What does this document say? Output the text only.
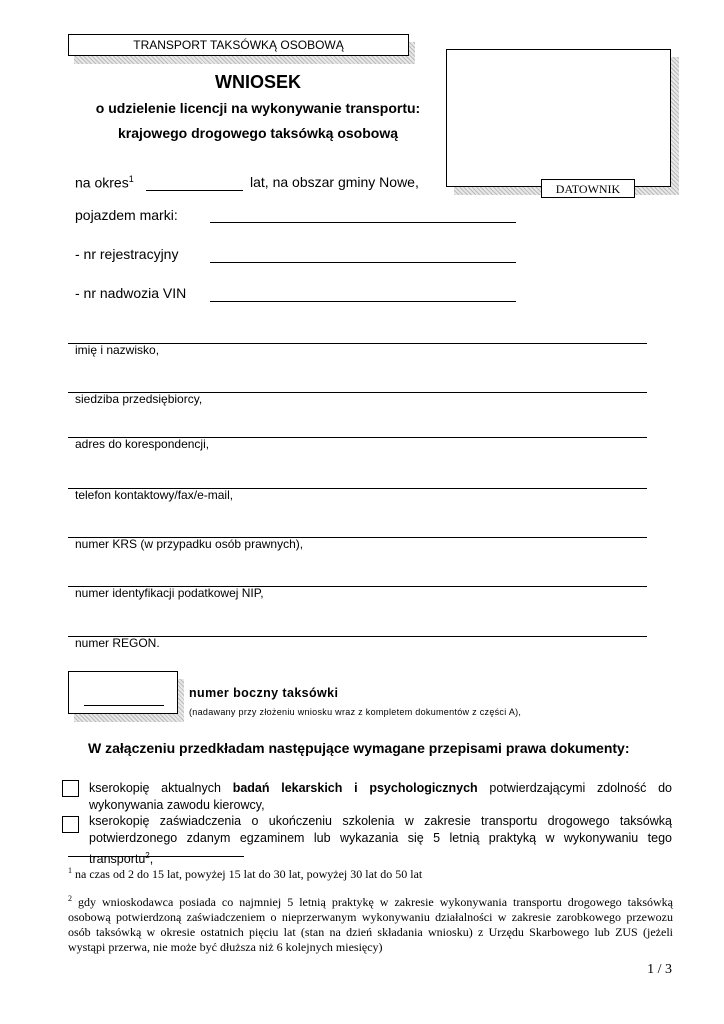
TRANSPORT TAKSÓWKĄ OSOBOWĄ
DATOWNIK
WNIOSEK
o udzielenie licencji na wykonywanie transportu:
krajowego drogowego taksówką osobową
na okres$^1$	lat, na obszar gminy Nowe,
pojazdem marki:
- nr rejestracyjny
- nr nadwozia VIN
imię i nazwisko,
siedziba przedsiębiorcy,
adres do korespondencji,
telefon kontaktowy/fax/e-mail,
numer KRS (w przypadku osób prawnych),
numer identyfikacji podatkowej NIP,
numer REGON.
numer boczny taksówki
(nadawany przy złożeniu wniosku wraz z kompletem dokumentów z części A),
W załączeniu przedkładam następujące wymagane przepisami prawa dokumenty:
kserokopię aktualnych badań lekarskich i psychologicznych potwierdzającymi zdolność do wykonywania zawodu kierowcy,
kserokopię zaświadczenia o ukończeniu szkolenia w zakresie transportu drogowego taksówką potwierdzonego zdanym egzaminem lub wykazania się 5 letnią praktyką w wykonywaniu tego transportu$^2$,
$^1$ na czas od 2 do 15 lat, powyżej 15 lat do 30 lat, powyżej 30 lat do 50 lat
$^2$ gdy wnioskodawca posiada co najmniej 5 letnią praktykę w zakresie wykonywania transportu drogowego taksówką osobową potwierdzoną zaświadczeniem o nieprzerwanym wykonywaniu działalności w zakresie zarobkowego przewozu osób taksówką w okresie ostatnich pięciu lat (stan na dzień składania wniosku) z Urzędu Skarbowego lub ZUS (jeżeli wystąpi przerwa, nie może być dłuższa niż 6 kolejnych miesięcy)
1 / 3
